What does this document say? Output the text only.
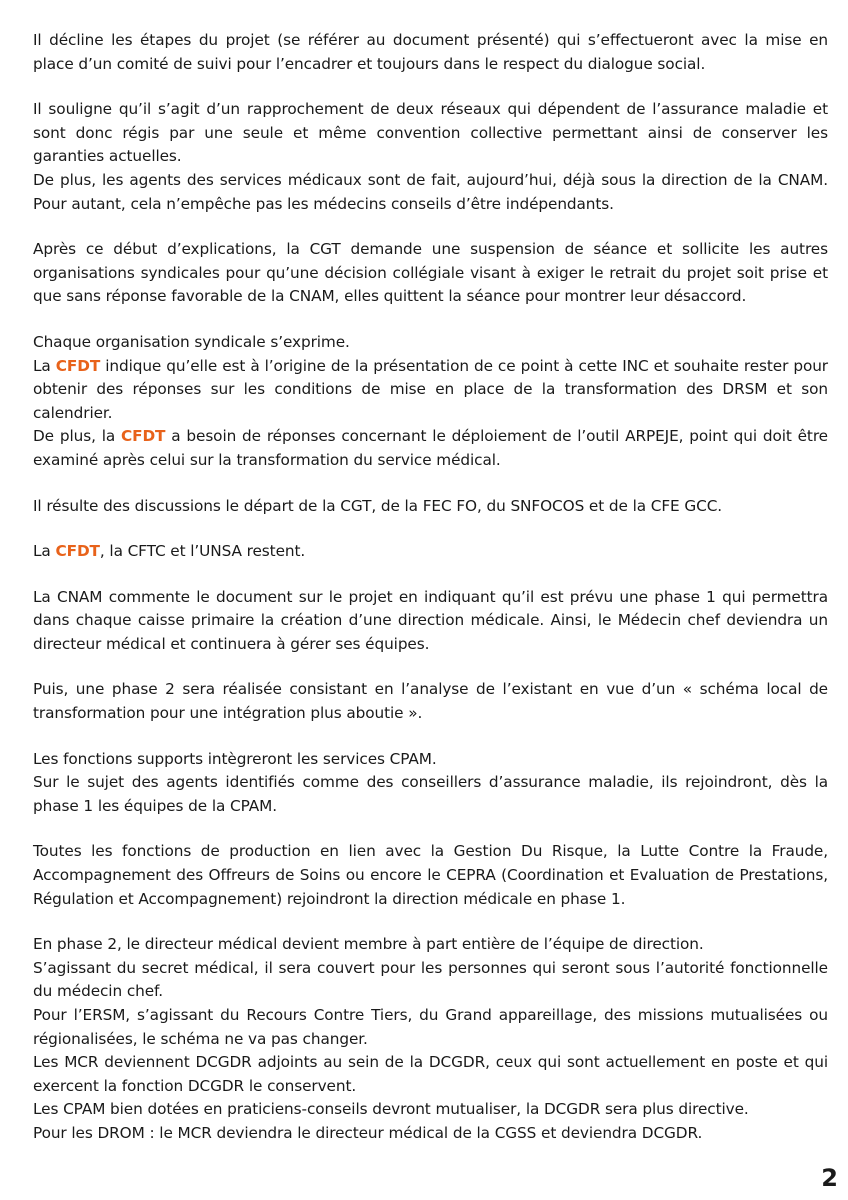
Il décline les étapes du projet (se référer au document présenté) qui s’effectueront avec la mise en place d’un comité de suivi pour l’encadrer et toujours dans le respect du dialogue social.
Il souligne qu’il s’agit d’un rapprochement de deux réseaux qui dépendent de l’assurance maladie et sont donc régis par une seule et même convention collective permettant ainsi de conserver les garanties actuelles.
De plus, les agents des services médicaux sont de fait, aujourd’hui, déjà sous la direction de la CNAM. Pour autant, cela n’empêche pas les médecins conseils d’être indépendants.
Après ce début d’explications, la CGT demande une suspension de séance et sollicite les autres organisations syndicales pour qu’une décision collégiale visant à exiger le retrait du projet soit prise et que sans réponse favorable de la CNAM, elles quittent la séance pour montrer leur désaccord.
Chaque organisation syndicale s’exprime.
La CFDT indique qu’elle est à l’origine de la présentation de ce point à cette INC et souhaite rester pour obtenir des réponses sur les conditions de mise en place de la transformation des DRSM et son calendrier.
De plus, la CFDT a besoin de réponses concernant le déploiement de l’outil ARPEJE, point qui doit être examiné après celui sur la transformation du service médical.
Il résulte des discussions le départ de la CGT, de la FEC FO, du SNFOCOS et de la CFE GCC.
La CFDT, la CFTC et l’UNSA restent.
La CNAM commente le document sur le projet en indiquant qu’il est prévu une phase 1 qui permettra dans chaque caisse primaire la création d’une direction médicale. Ainsi, le Médecin chef deviendra un directeur médical et continuera à gérer ses équipes.
Puis, une phase 2 sera réalisée consistant en l’analyse de l’existant en vue d’un « schéma local de transformation pour une intégration plus aboutie ».
Les fonctions supports intègreront les services CPAM.
Sur le sujet des agents identifiés comme des conseillers d’assurance maladie, ils rejoindront, dès la phase 1 les équipes de la CPAM.
Toutes les fonctions de production en lien avec la Gestion Du Risque, la Lutte Contre la Fraude, Accompagnement des Offreurs de Soins ou encore le CEPRA (Coordination et Evaluation de Prestations, Régulation et Accompagnement) rejoindront la direction médicale en phase 1.
En phase 2, le directeur médical devient membre à part entière de l’équipe de direction.
S’agissant du secret médical, il sera couvert pour les personnes qui seront sous l’autorité fonctionnelle du médecin chef.
Pour l’ERSM, s’agissant du Recours Contre Tiers, du Grand appareillage, des missions mutualisées ou régionalisées, le schéma ne va pas changer.
Les MCR deviennent DCGDR adjoints au sein de la DCGDR, ceux qui sont actuellement en poste et qui exercent la fonction DCGDR le conservent.
Les CPAM bien dotées en praticiens-conseils devront mutualiser, la DCGDR sera plus directive.
Pour les DROM : le MCR deviendra le directeur médical de la CGSS et deviendra DCGDR.
2
